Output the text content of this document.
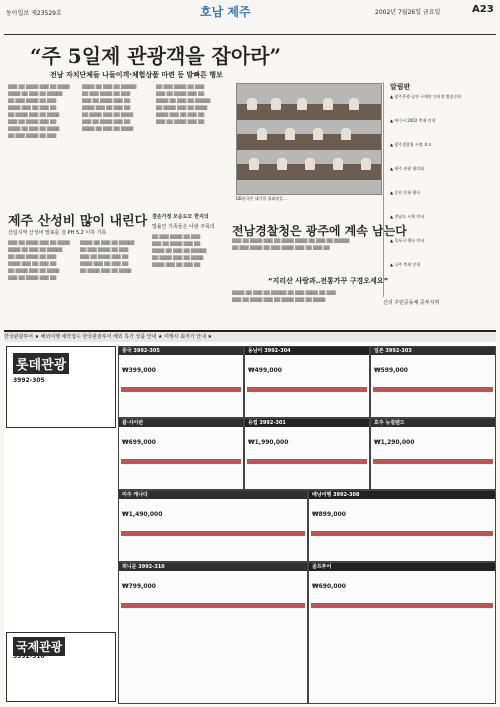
동아일보 제23529호	호남 제주	2002년 7월26일 금요일	A23
“주 5일제 관광객을 잡아라”
전남 자치단체들 나들이객·체험상품 마련 등 발빠른 행보

▒▒▒ ▒▒ ▒▒▒▒ ▒▒▒ ▒▒ ▒▒▒▒

▒▒▒▒ ▒▒ ▒▒▒ ▒▒ ▒▒▒▒▒

▒▒ ▒▒▒ ▒▒▒▒ ▒▒ ▒▒▒

▒▒▒▒ ▒▒▒ ▒▒ ▒▒▒ ▒▒

▒▒ ▒▒▒▒ ▒▒▒ ▒▒ ▒▒▒▒

▒▒▒ ▒▒ ▒▒▒▒ ▒▒▒ ▒▒

▒▒▒▒ ▒▒ ▒▒▒ ▒▒ ▒▒▒▒

▒▒ ▒▒▒ ▒▒▒▒ ▒▒ ▒▒▒

▒▒▒▒ ▒▒ ▒▒▒ ▒▒ ▒▒▒▒▒

▒▒ ▒▒▒ ▒▒▒▒ ▒▒ ▒▒▒

▒▒▒ ▒▒ ▒▒▒▒ ▒▒▒ ▒▒

▒▒▒▒ ▒▒▒ ▒▒ ▒▒▒ ▒▒

▒▒ ▒▒▒▒ ▒▒▒ ▒▒ ▒▒▒▒

▒▒▒ ▒▒ ▒▒▒▒ ▒▒▒ ▒▒

▒▒▒▒ ▒▒ ▒▒▒ ▒▒ ▒▒▒▒

▒▒ ▒▒▒ ▒▒▒▒ ▒▒ ▒▒▒

▒▒▒ ▒▒ ▒▒▒▒ ▒▒▒ ▒▒

▒▒▒▒ ▒▒ ▒▒▒ ▒▒ ▒▒▒▒▒

▒▒ ▒▒▒▒ ▒▒▒ ▒▒ ▒▒▒▒

▒▒▒▒ ▒▒▒ ▒▒ ▒▒▒ ▒▒

▒▒▒ ▒▒ ▒▒▒▒ ▒▒▒ ▒▒

DB한국인 대기업 평화맞을…
제주 산성비 많이 내린다
산림지역 산성비 발표를 걸 PH 5.2 이하 기록

▒▒▒ ▒▒ ▒▒▒▒ ▒▒▒ ▒▒ ▒▒▒▒

▒▒▒▒ ▒▒ ▒▒▒ ▒▒ ▒▒▒▒▒

▒▒ ▒▒▒ ▒▒▒▒ ▒▒ ▒▒▒

▒▒▒▒ ▒▒▒ ▒▒ ▒▒▒ ▒▒

▒▒ ▒▒▒▒ ▒▒▒ ▒▒ ▒▒▒▒

▒▒▒ ▒▒ ▒▒▒▒ ▒▒▒ ▒▒

▒▒▒▒ ▒▒ ▒▒▒ ▒▒ ▒▒▒▒▒

▒▒ ▒▒▒ ▒▒▒▒ ▒▒ ▒▒▒

▒▒▒ ▒▒ ▒▒▒▒ ▒▒▒ ▒▒

▒▒▒▒ ▒▒▒ ▒▒ ▒▒▒ ▒▒

▒▒ ▒▒▒▒ ▒▒▒ ▒▒ ▒▒▒▒

결손가정 모순도모 한지의
법률인 가족들은 나판 주목의

▒▒ ▒▒▒ ▒▒▒▒ ▒▒ ▒▒▒

▒▒▒ ▒▒ ▒▒▒▒ ▒▒▒ ▒▒

▒▒▒▒ ▒▒ ▒▒▒ ▒▒ ▒▒▒▒▒

▒▒ ▒▒▒▒ ▒▒▒ ▒▒ ▒▒▒▒

▒▒▒▒ ▒▒▒ ▒▒ ▒▒▒ ▒▒

전남경찰청은 광주에 계속 남는다

▒▒▒ ▒▒ ▒▒▒▒ ▒▒▒ ▒▒ ▒▒▒▒ ▒▒▒▒ ▒▒ ▒▒▒ ▒▒ ▒▒▒▒▒

▒▒ ▒▒▒ ▒▒▒▒ ▒▒ ▒▒▒ ▒▒▒▒ ▒▒▒ ▒▒ ▒▒▒ ▒▒

“지리산 사랑과‥전통가꾸 구경오세요”

▒▒▒▒ ▒▒ ▒▒▒ ▒▒ ▒▒▒▒▒ ▒▒ ▒▒▒ ▒▒▒▒ ▒▒ ▒▒▒

▒▒▒ ▒▒ ▒▒▒▒ ▒▒▒ ▒▒ ▒▒▒▒ ▒▒▒ ▒▒ ▒▒▒▒

알림판
▲ 광주은행 공연 구매의 인터넷 방송중단
▲ 여수시 2002 축제 안내
▲ 광주경찰청 시정 보고
▲ 제주 관광 협의회
▲ 순천 문화 행사
▲ 전남도 시책 안내
▲ 목포시 행사 안내
▲ 나주 축제 안내
신리 주민공동체 중부지역
한국관광투어 ★ 해외여행 예약접수 한국관광투어 해외 특가 상품 안내 ★ 여행사 최저가 안내 ★
롯데관광
3992-305
국제관광
3992-310
중국 3992-305
₩399,000
동남아 3992-304
₩499,000
일본 3992-303
₩599,000
괌·사이판
₩699,000
유럽 3992-301
₩1,990,000
호주 뉴질랜드
₩1,290,000
미주 캐나다
₩1,490,000
배낭여행 3992-308
₩899,000
허니문 3992-310
₩799,000
골프투어
₩690,000
